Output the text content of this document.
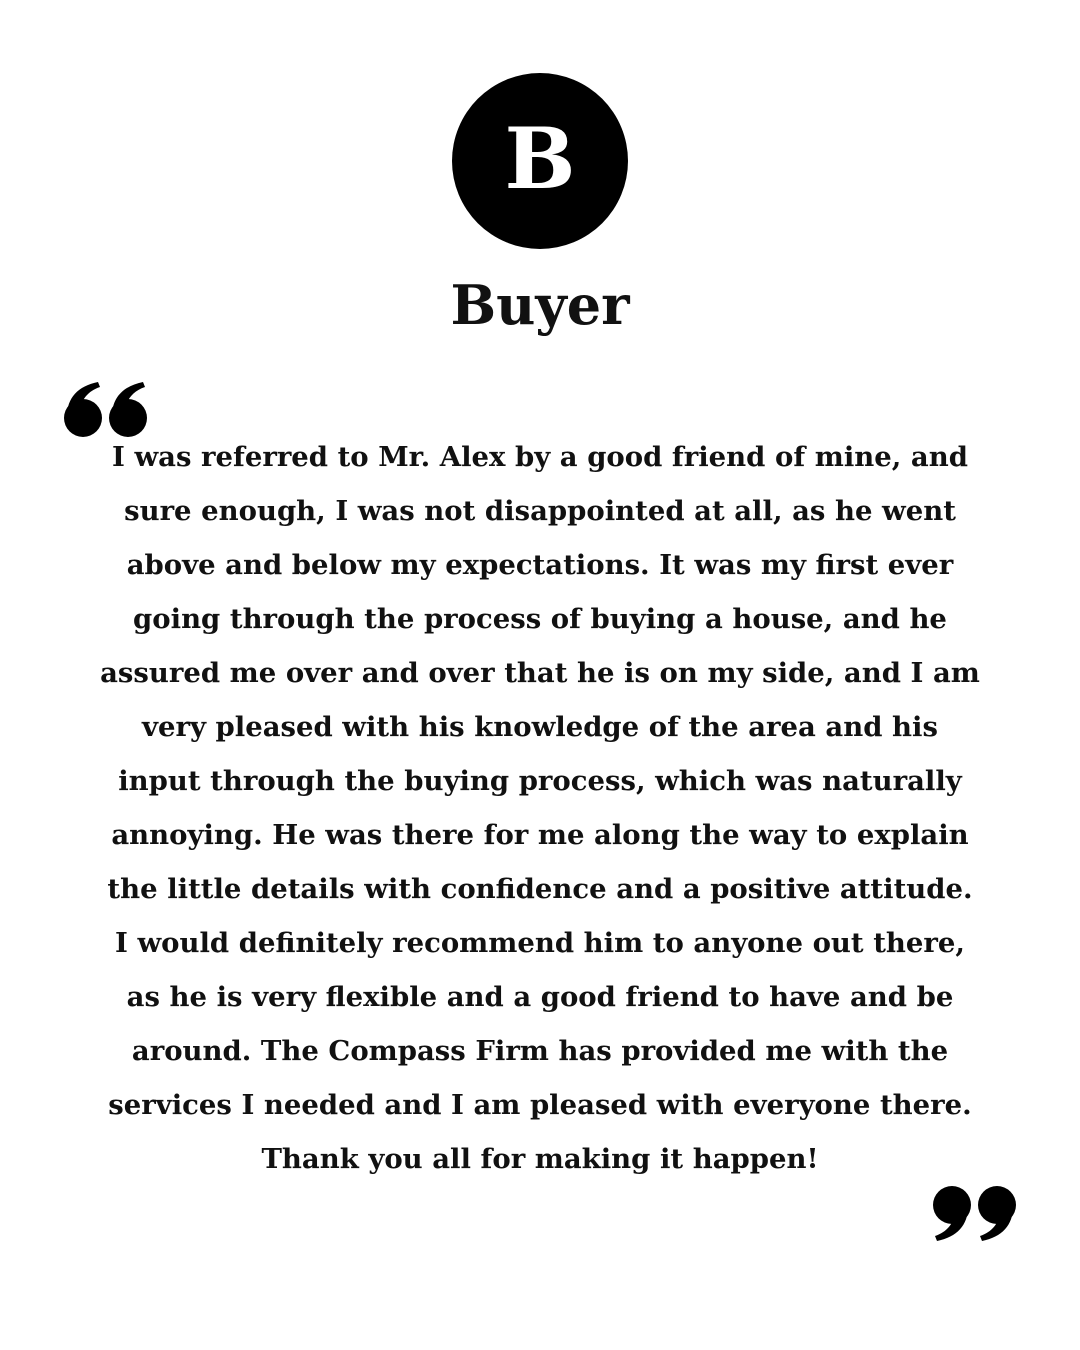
B
Buyer

I was referred to Mr. Alex by a good friend of mine, and sure enough, I was not disappointed at all, as he went above and below my expectations. It was my first ever going through the process of buying a house, and he assured me over and over that he is on my side, and I am very pleased with his knowledge of the area and his input through the buying process, which was naturally annoying. He was there for me along the way to explain the little details with confidence and a positive attitude. I would definitely recommend him to anyone out there, as he is very flexible and a good friend to have and be around. The Compass Firm has provided me with the services I needed and I am pleased with everyone there. Thank you all for making it happen!
